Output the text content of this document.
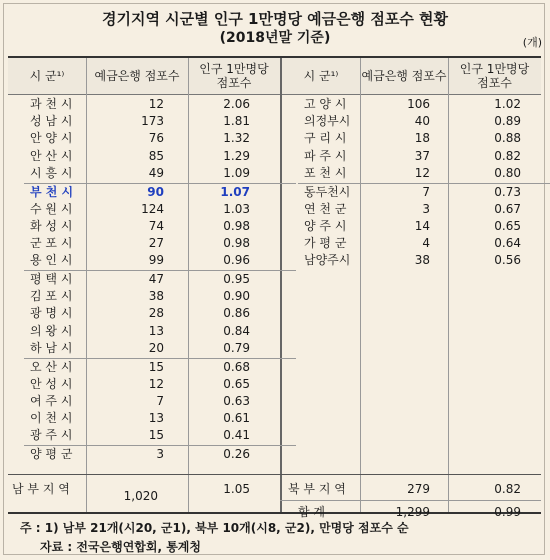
경기지역 시군별 인구 1만명당 예금은행 점포수 현황
(2018년말 기준)	(개)
시 군¹⁾	예금은행 점포수	인구 1만명당 점포수	시 군¹⁾	예금은행 점포수	인구 1만명당 점포수
과 천 시	12	2.06
성 남 시	173	1.81
안 양 시	76	1.32
안 산 시	85	1.29
시 흥 시	49	1.09
부 천 시	90	1.07
수 원 시	124	1.03
화 성 시	74	0.98
군 포 시	27	0.98
용 인 시	99	0.96
평 택 시	47	0.95
김 포 시	38	0.90
광 명 시	28	0.86
의 왕 시	13	0.84
하 남 시	20	0.79
오 산 시	15	0.68
안 성 시	12	0.65
여 주 시	7	0.63
이 천 시	13	0.61
광 주 시	15	0.41
양 평 군	3	0.26
고 양 시	106	1.02
의정부시	40	0.89
구 리 시	18	0.88
파 주 시	37	0.82
포 천 시	12	0.80
동두천시	7	0.73
연 천 군	3	0.67
양 주 시	14	0.65
가 평 군	4	0.64
남양주시	38	0.56
남 부 지 역	1,020	1.05	북 부 지 역	279	0.82
합 계	1,299	0.99
주 : 1) 남부 21개(시20, 군1), 북부 10개(시8, 군2), 만명당 점포수 순
자료 : 전국은행연합회, 통계청
